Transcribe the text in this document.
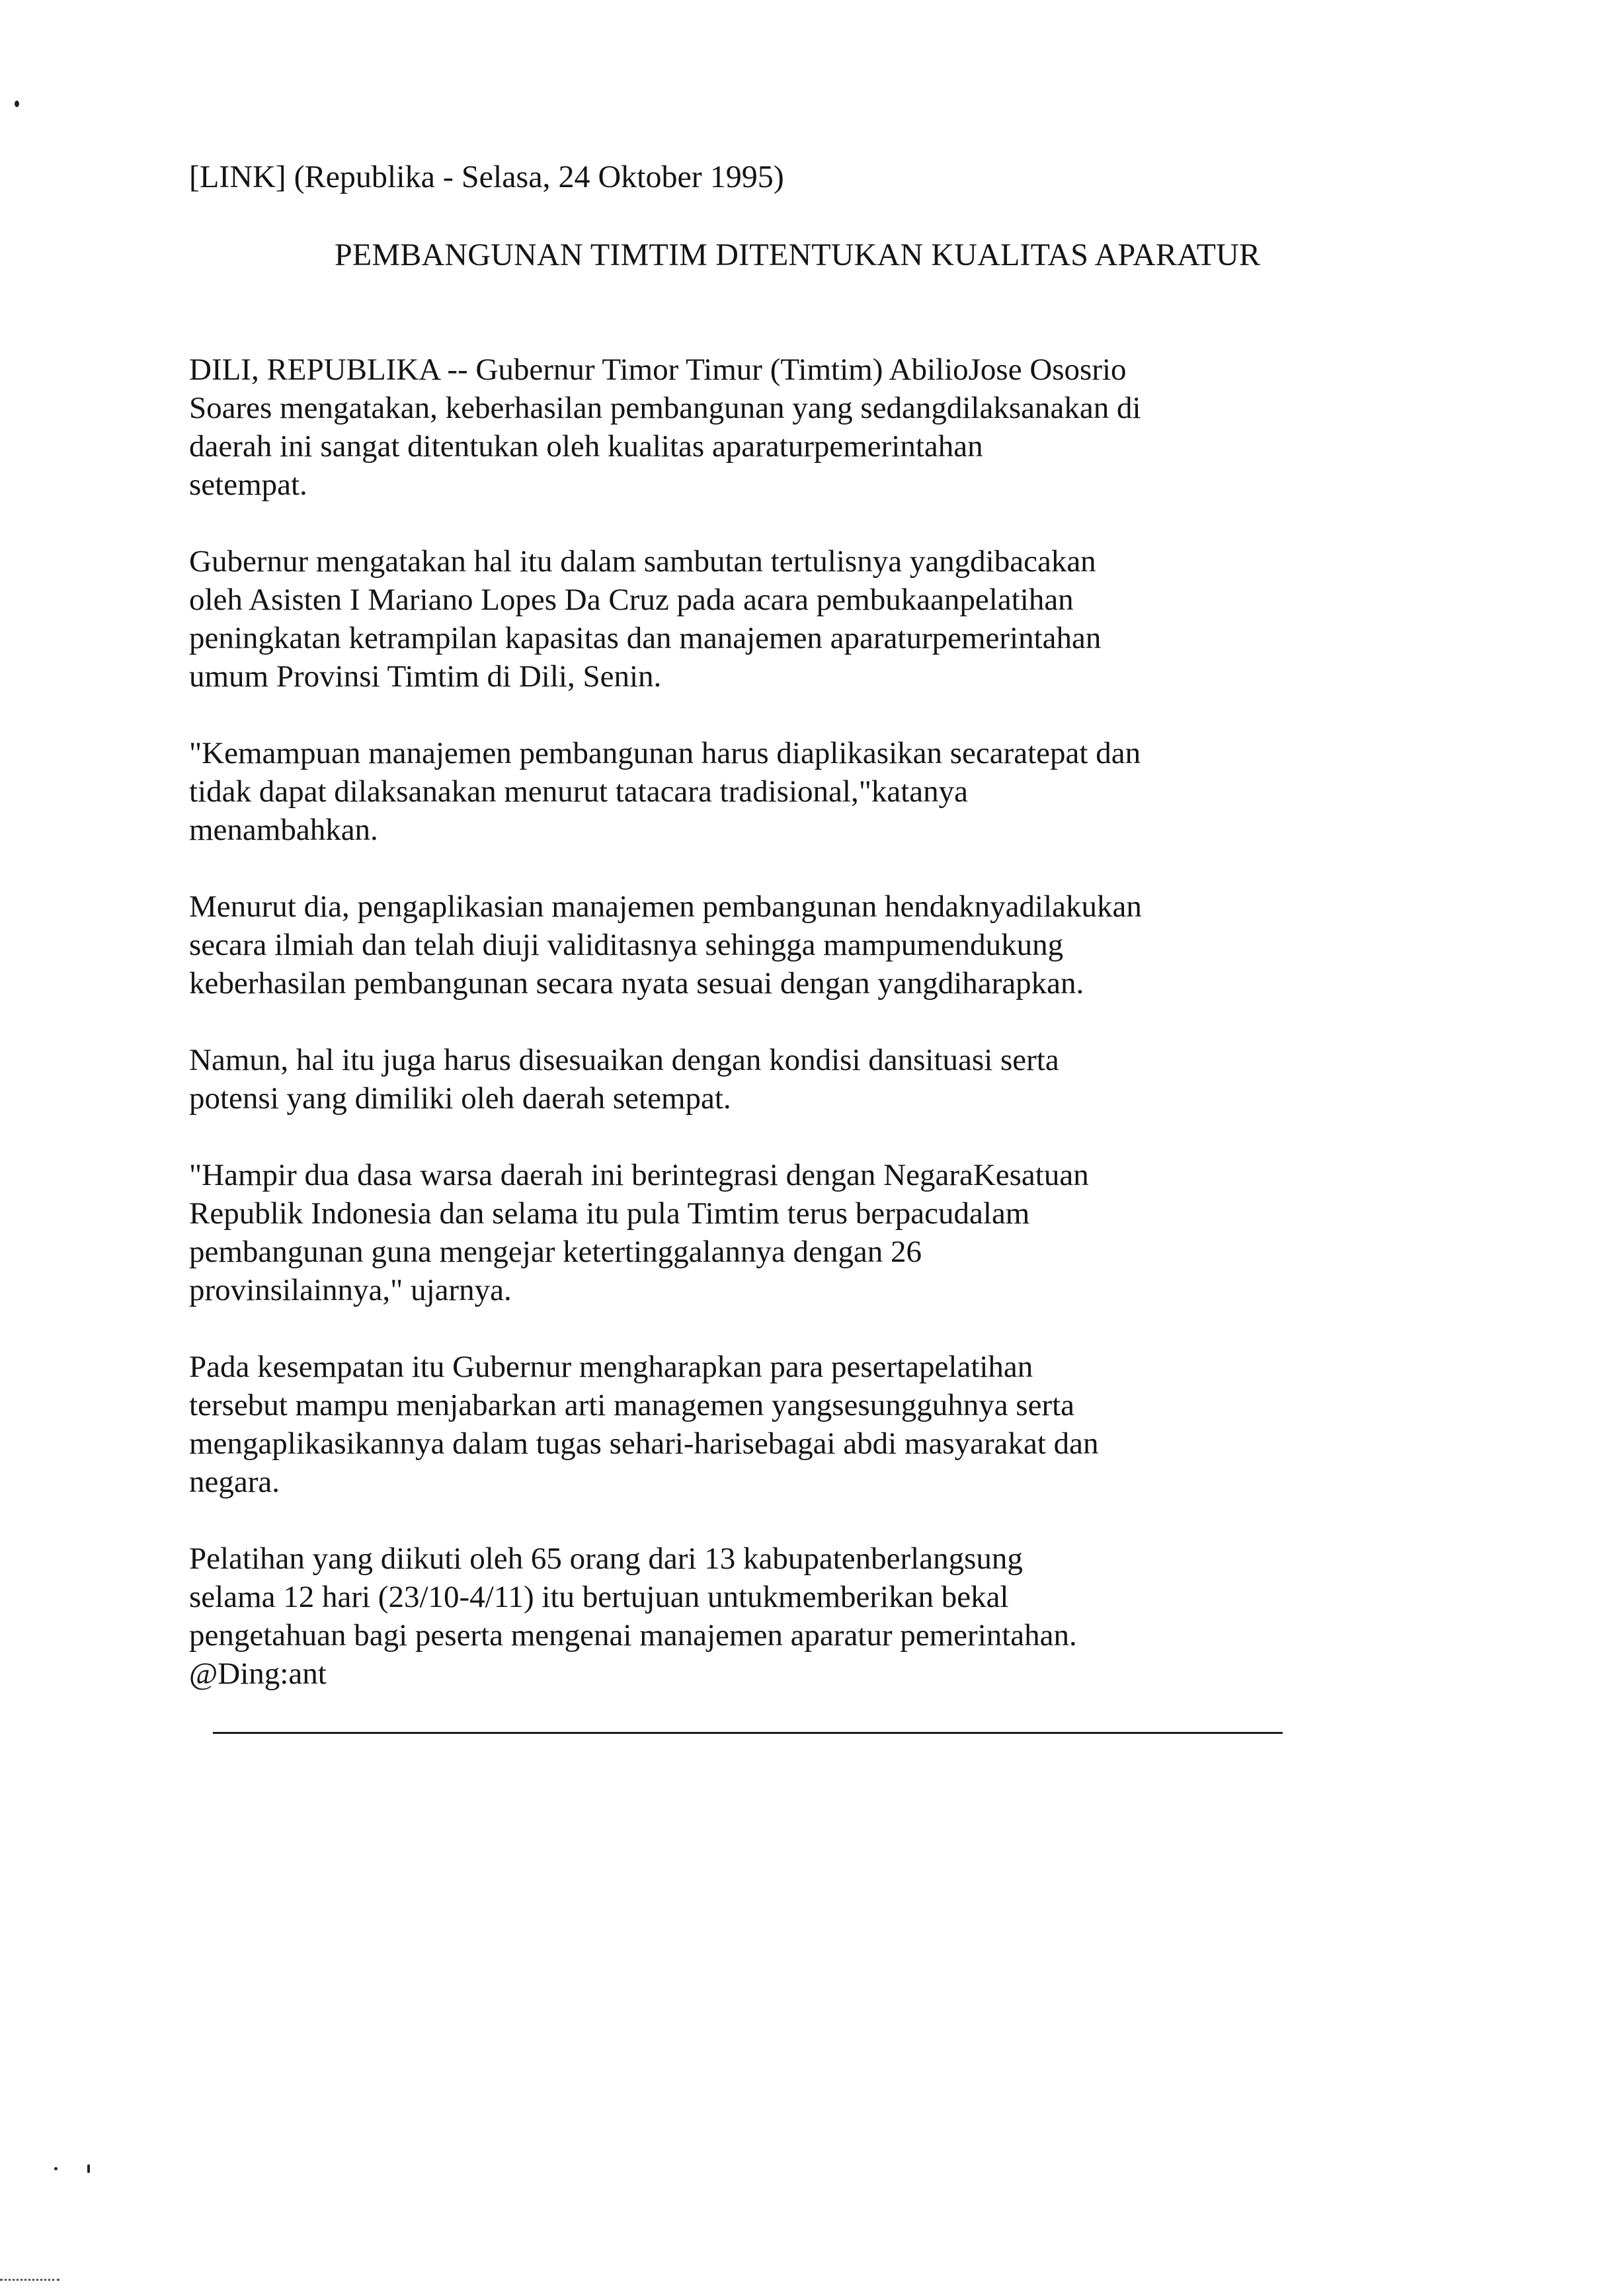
[LINK] (Republika - Selasa, 24 Oktober 1995)
PEMBANGUNAN TIMTIM DITENTUKAN KUALITAS APARATUR

DILI, REPUBLIKA -- Gubernur Timor Timur (Timtim) AbilioJose Ososrio
Soares mengatakan, keberhasilan pembangunan yang sedangdilaksanakan di
daerah ini sangat ditentukan oleh kualitas aparaturpemerintahan
setempat.

Gubernur mengatakan hal itu dalam sambutan tertulisnya yangdibacakan
oleh Asisten I Mariano Lopes Da Cruz pada acara pembukaanpelatihan
peningkatan ketrampilan kapasitas dan manajemen aparaturpemerintahan
umum Provinsi Timtim di Dili, Senin.

"Kemampuan manajemen pembangunan harus diaplikasikan secaratepat dan
tidak dapat dilaksanakan menurut tatacara tradisional,"katanya
menambahkan.

Menurut dia, pengaplikasian manajemen pembangunan hendaknyadilakukan
secara ilmiah dan telah diuji validitasnya sehingga mampumendukung
keberhasilan pembangunan secara nyata sesuai dengan yangdiharapkan.

Namun, hal itu juga harus disesuaikan dengan kondisi dansituasi serta
potensi yang dimiliki oleh daerah setempat.

"Hampir dua dasa warsa daerah ini berintegrasi dengan NegaraKesatuan
Republik Indonesia dan selama itu pula Timtim terus berpacudalam
pembangunan guna mengejar ketertinggalannya dengan 26
provinsilainnya," ujarnya.

Pada kesempatan itu Gubernur mengharapkan para pesertapelatihan
tersebut mampu menjabarkan arti managemen yangsesungguhnya serta
mengaplikasikannya dalam tugas sehari-harisebagai abdi masyarakat dan
negara.

Pelatihan yang diikuti oleh 65 orang dari 13 kabupatenberlangsung
selama 12 hari (23/10-4/11) itu bertujuan untukmemberikan bekal
pengetahuan bagi peserta mengenai manajemen aparatur pemerintahan.
@Ding:ant
